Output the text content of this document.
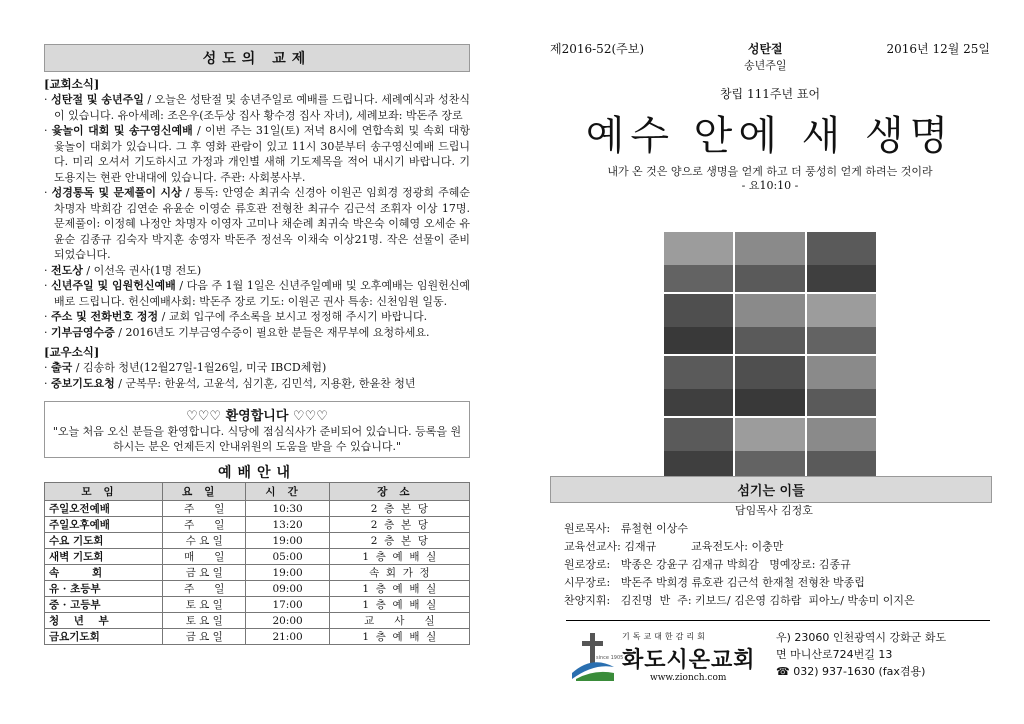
성도의 교제
[교회소식]
· 성탄절 및 송년주일 / 오늘은 성탄절 및 송년주일로 예배를 드립니다. 세례예식과 성찬식이 있습니다. 유아세례: 조은우(조두상 집사 황수경 집사 자녀), 세례보좌: 박돈주 장로
· 윷놀이 대회 및 송구영신예배 / 이번 주는 31일(토) 저녁 8시에 연합속회 및 속회 대항 윷놀이 대회가 있습니다. 그 후 영화 관람이 있고 11시 30분부터 송구영신예배 드립니다. 미리 오셔서 기도하시고 가정과 개인별 새해 기도제목을 적어 내시기 바랍니다. 기도용지는 현관 안내대에 있습니다. 주관: 사회봉사부.
· 성경통독 및 문제풀이 시상 / 통독: 안영순 최귀숙 신경아 이원곤 임희경 정광희 주혜순 차명자 박희감 김연순 유윤순 이영순 류호관 전형찬 최규수 김근석 조휘자 이상 17명. 문제풀이: 이정혜 나정안 차명자 이영자 고미나 채순례 최귀숙 박은숙 이혜영 오세순 유윤순 김종규 김숙자 박지훈 송영자 박돈주 정선옥 이채숙 이상21명. 작은 선물이 준비되었습니다.
· 전도상 / 이선옥 권사(1명 전도)
· 신년주일 및 임원헌신예배 / 다음 주 1월 1일은 신년주일예배 및 오후예배는 임원헌신예배로 드립니다. 헌신예배사회: 박돈주 장로 기도: 이원곤 권사 특송: 신천임원 일동.
· 주소 및 전화번호 정정 / 교회 입구에 주소록을 보시고 정정해 주시기 바랍니다.
· 기부금영수증 / 2016년도 기부금영수증이 필요한 분들은 재무부에 요청하세요.
[교우소식]
· 출국 / 김송하 청년(12월27일-1월26일, 미국 IBCD체험)
· 중보기도요청 / 군복무: 한윤석, 고윤석, 심기훈, 김민석, 지용환, 한윤찬 청년
♡♡♡ 환영합니다 ♡♡♡
"오늘 처음 오신 분들을 환영합니다. 식당에 점심식사가 준비되어 있습니다. 등록을 원하시는 분은 언제든지 안내위원의 도움을 받을 수 있습니다."
예배안내
모임	요일	시간	장소
주일오전예배	주      일	10:30	2  층  본  당
주일오후예배	주      일	13:20	2  층  본  당
수요 기도회	수 요 일	19:00	2  층  본  당
새벽 기도회	매      일	05:00	1  층  예  배  실
속         회	금 요 일	19:00	속  회  가  정
유 · 초등부	주      일	09:00	1  층  예  배  실
중 · 고등부	토 요 일	17:00	1  층  예  배  실
청    년    부	토 요 일	20:00	교      사      실
금요기도회	금 요 일	21:00	1  층  예  배  실
제2016-52(주보)	성탄절
송년주일
2016년 12월 25일
창립 111주년 표어
예수 안에 새 생명
내가 온 것은 양으로 생명을 얻게 하고 더 풍성히 얻게 하려는 것이라
- 요10:10 -
섬기는 이들
담임목사 김정호
원로목사:   류철현 이상수
교육선교사: 김재규          교육전도사: 이충만
원로장로:   박종은 강윤구 김재규 박희감   명예장로: 김종규
시무장로:   박돈주 박희경 류호관 김근석 한재철 전형찬 박종립
찬양지휘:   김진명  반  주: 키보드/ 김은영 김하람  피아노/ 박송미 이지은
since 1905
기독교대한감리회
화도시온교회
www.zionch.com
우) 23060 인천광역시 강화군 화도
면 마니산로724번길 13
☎ 032) 937-1630 (fax겸용)
